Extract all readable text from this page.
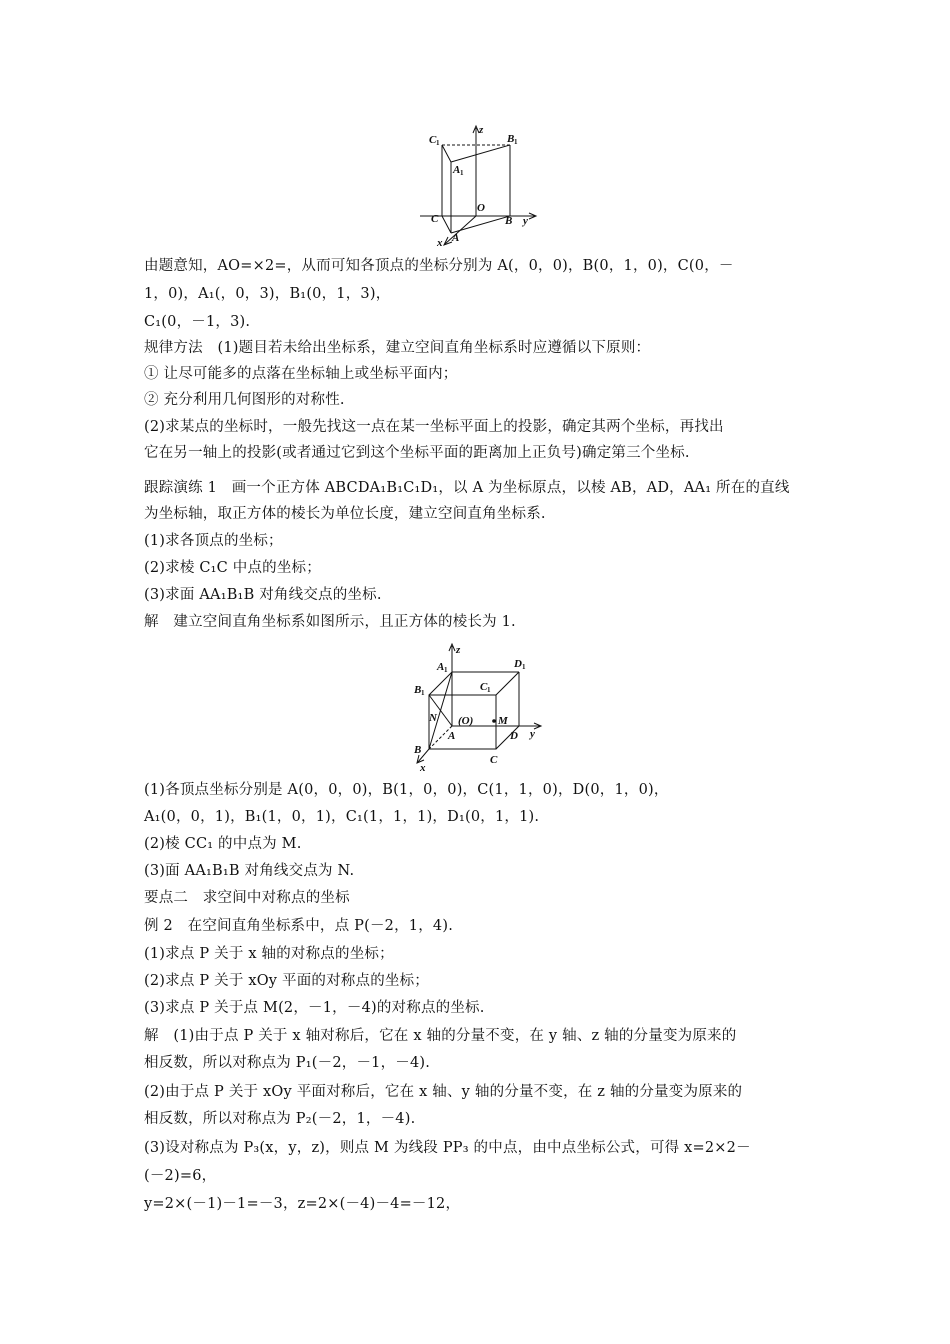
C 1	B 1
A 1
z
O
C	B y
A
x
A 1	D 1
B 1	C 1
z
N (O) M
A	D y
B
C
x
由题意知，AO=×2=，从而可知各顶点的坐标分别为 A(，0，0)，B(0，1，0)，C(0，－
1，0)，A₁(，0，3)，B₁(0，1，3)，
C₁(0，－1，3).
规律方法　(1)题目若未给出坐标系，建立空间直角坐标系时应遵循以下原则：
① 让尽可能多的点落在坐标轴上或坐标平面内；
② 充分利用几何图形的对称性.
(2)求某点的坐标时，一般先找这一点在某一坐标平面上的投影，确定其两个坐标，再找出
它在另一轴上的投影(或者通过它到这个坐标平面的距离加上正负号)确定第三个坐标.
跟踪演练 1　画一个正方体 ABCDA₁B₁C₁D₁，以 A 为坐标原点，以棱 AB，AD，AA₁ 所在的直线
为坐标轴，取正方体的棱长为单位长度，建立空间直角坐标系.
(1)求各顶点的坐标；
(2)求棱 C₁C 中点的坐标；
(3)求面 AA₁B₁B 对角线交点的坐标.
解　建立空间直角坐标系如图所示，且正方体的棱长为 1.
(1)各顶点坐标分别是 A(0，0，0)，B(1，0，0)，C(1，1，0)，D(0，1，0)，
A₁(0，0，1)，B₁(1，0，1)，C₁(1，1，1)，D₁(0，1，1).
(2)棱 CC₁ 的中点为 M.
(3)面 AA₁B₁B 对角线交点为 N.
要点二　求空间中对称点的坐标
例 2　在空间直角坐标系中，点 P(－2，1，4).
(1)求点 P 关于 x 轴的对称点的坐标；
(2)求点 P 关于 xOy 平面的对称点的坐标；
(3)求点 P 关于点 M(2，－1，－4)的对称点的坐标.
解　(1)由于点 P 关于 x 轴对称后，它在 x 轴的分量不变，在 y 轴、z 轴的分量变为原来的
相反数，所以对称点为 P₁(－2，－1，－4).
(2)由于点 P 关于 xOy 平面对称后，它在 x 轴、y 轴的分量不变，在 z 轴的分量变为原来的
相反数，所以对称点为 P₂(－2，1，－4).
(3)设对称点为 P₃(x，y，z)，则点 M 为线段 PP₃ 的中点，由中点坐标公式，可得 x=2×2－
(－2)=6，
y=2×(－1)－1=－3，z=2×(－4)－4=－12，
